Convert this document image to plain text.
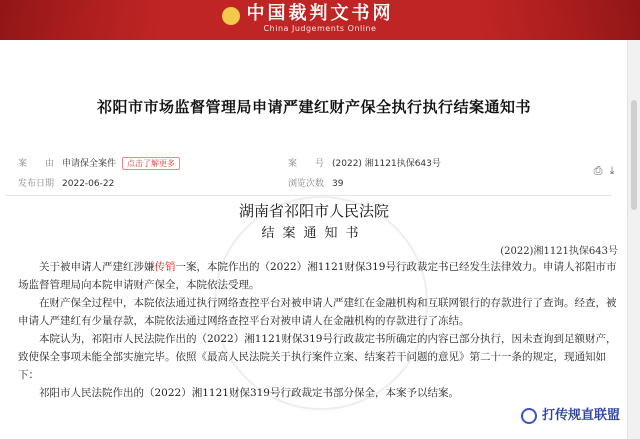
中国裁判文书网
China Judgements Online
祁阳市市场监督管理局申请严建红财产保全执行执行结案通知书
案　　由 申请保全案件 点击了解更多	案　　号 (2022) 湘1121执保643号
发布日期 2022-06-22	浏览次数 39
⎙ ⤓
湖南省祁阳市人民法院
结案通知书
(2022)湘1121执保643号

关于被申请人严建红涉嫌传销一案，本院作出的（2022）湘1121财保319号行政裁定书已经发生法律效力。申请人祁阳市市场监督管理局向本院申请财产保全，本院依法受理。

在财产保全过程中，本院依法通过执行网络查控平台对被申请人严建红在金融机构和互联网银行的存款进行了查询。经查，被申请人严建红有少量存款，本院依法通过网络查控平台对被申请人在金融机构的存款进行了冻结。

本院认为，祁阳市人民法院作出的（2022）湘1121财保319号行政裁定书所确定的内容已部分执行，因未查询到足额财产，致使保全事项未能全部实施完毕。依照《最高人民法院关于执行案件立案、结案若干问题的意见》第二十一条的规定，现通知如下：

祁阳市人民法院作出的（2022）湘1121财保319号行政裁定书部分保全，本案予以结案。

打传规直联盟
